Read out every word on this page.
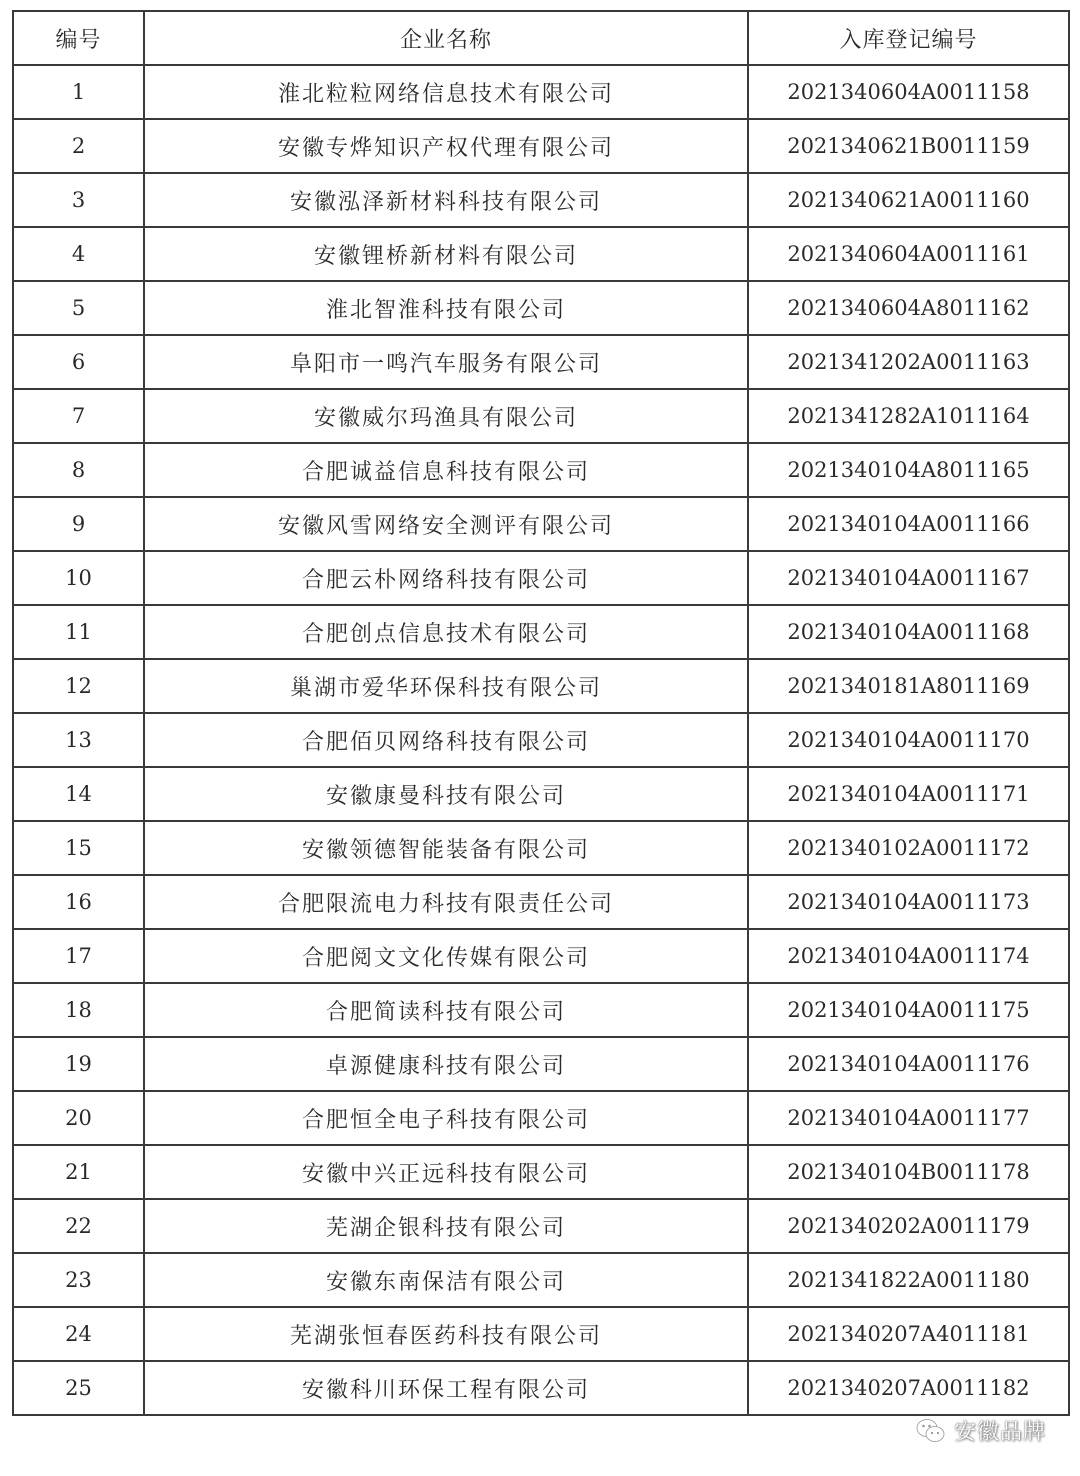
编号	企业名称	入库登记编号
1	淮北粒粒网络信息技术有限公司	2021340604A0011158
2	安徽专烨知识产权代理有限公司	2021340621B0011159
3	安徽泓泽新材料科技有限公司	2021340621A0011160
4	安徽锂桥新材料有限公司	2021340604A0011161
5	淮北智淮科技有限公司	2021340604A8011162
6	阜阳市一鸣汽车服务有限公司	2021341202A0011163
7	安徽威尔玛渔具有限公司	2021341282A1011164
8	合肥诚益信息科技有限公司	2021340104A8011165
9	安徽风雪网络安全测评有限公司	2021340104A0011166
10	合肥云朴网络科技有限公司	2021340104A0011167
11	合肥创点信息技术有限公司	2021340104A0011168
12	巢湖市爱华环保科技有限公司	2021340181A8011169
13	合肥佰贝网络科技有限公司	2021340104A0011170
14	安徽康曼科技有限公司	2021340104A0011171
15	安徽领德智能装备有限公司	2021340102A0011172
16	合肥限流电力科技有限责任公司	2021340104A0011173
17	合肥阅文文化传媒有限公司	2021340104A0011174
18	合肥简读科技有限公司	2021340104A0011175
19	卓源健康科技有限公司	2021340104A0011176
20	合肥恒全电子科技有限公司	2021340104A0011177
21	安徽中兴正远科技有限公司	2021340104B0011178
22	芜湖企银科技有限公司	2021340202A0011179
23	安徽东南保洁有限公司	2021341822A0011180
24	芜湖张恒春医药科技有限公司	2021340207A4011181
25	安徽科川环保工程有限公司	2021340207A0011182
安徽品牌
